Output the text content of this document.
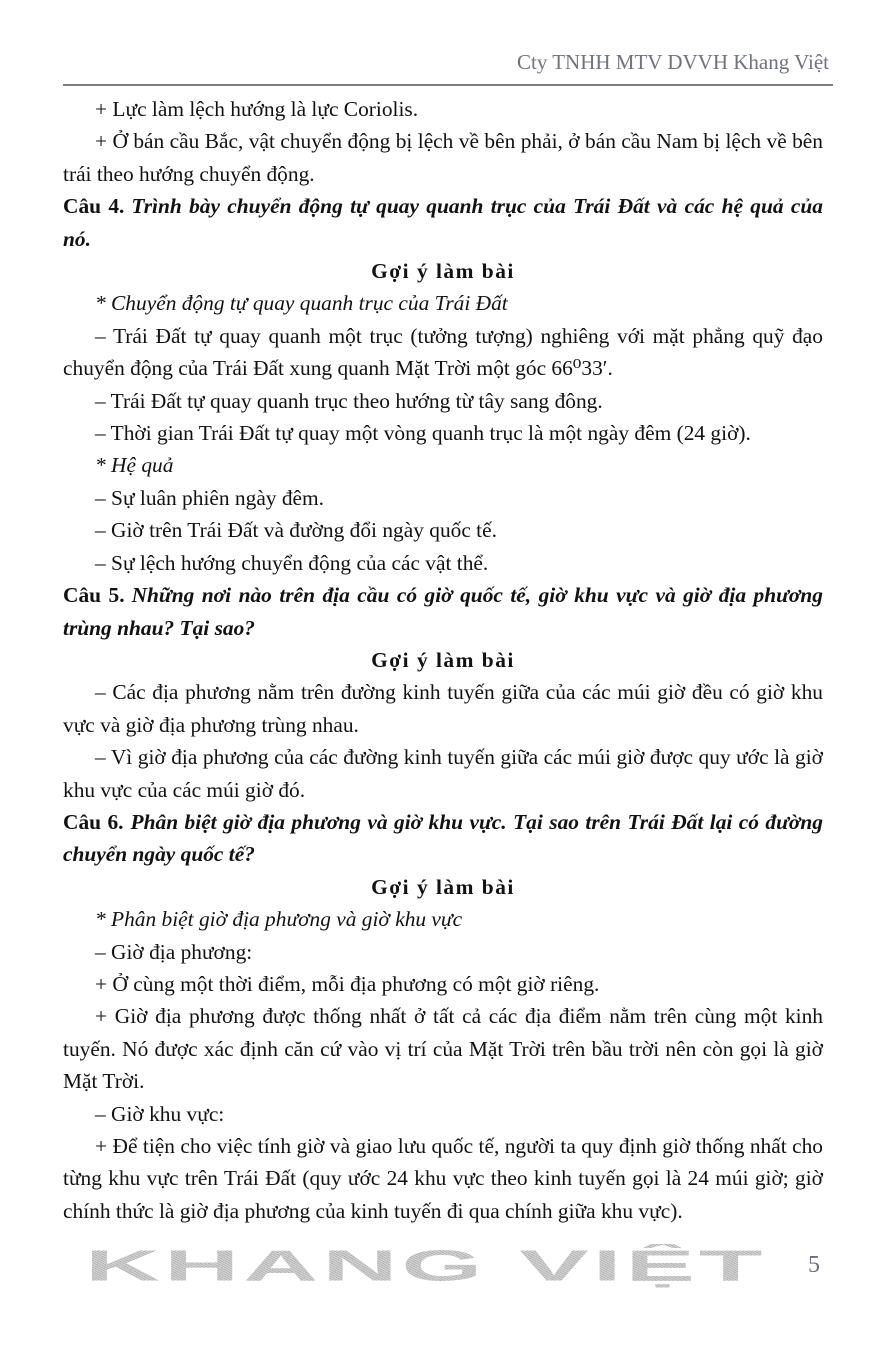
Cty TNHH MTV DVVH Khang Việt

+ Lực làm lệch hướng là lực Coriolis.

+ Ở bán cầu Bắc, vật chuyển động bị lệch về bên phải, ở bán cầu Nam bị lệch về bên trái theo hướng chuyển động.

Câu 4. Trình bày chuyển động tự quay quanh trục của Trái Đất và các hệ quả của nó.

Gợi ý làm bài

* Chuyển động tự quay quanh trục của Trái Đất

– Trái Đất tự quay quanh một trục (tưởng tượng) nghiêng với mặt phẳng quỹ đạo chuyển động của Trái Đất xung quanh Mặt Trời một góc 66⁰33′.

– Trái Đất tự quay quanh trục theo hướng từ tây sang đông.

– Thời gian Trái Đất tự quay một vòng quanh trục là một ngày đêm (24 giờ).

* Hệ quả

– Sự luân phiên ngày đêm.

– Giờ trên Trái Đất và đường đổi ngày quốc tế.

– Sự lệch hướng chuyển động của các vật thể.

Câu 5. Những nơi nào trên địa cầu có giờ quốc tế, giờ khu vực và giờ địa phương trùng nhau? Tại sao?

Gợi ý làm bài

– Các địa phương nằm trên đường kinh tuyến giữa của các múi giờ đều có giờ khu vực và giờ địa phương trùng nhau.

– Vì giờ địa phương của các đường kinh tuyến giữa các múi giờ được quy ước là giờ khu vực của các múi giờ đó.

Câu 6. Phân biệt giờ địa phương và giờ khu vực. Tại sao trên Trái Đất lại có đường chuyển ngày quốc tế?

Gợi ý làm bài

* Phân biệt giờ địa phương và giờ khu vực

– Giờ địa phương:

+ Ở cùng một thời điểm, mỗi địa phương có một giờ riêng.

+ Giờ địa phương được thống nhất ở tất cả các địa điểm nằm trên cùng một kinh tuyến. Nó được xác định căn cứ vào vị trí của Mặt Trời trên bầu trời nên còn gọi là giờ Mặt Trời.

– Giờ khu vực:

+ Để tiện cho việc tính giờ và giao lưu quốc tế, người ta quy định giờ thống nhất cho từng khu vực trên Trái Đất (quy ước 24 khu vực theo kinh tuyến gọi là 24 múi giờ; giờ chính thức là giờ địa phương của kinh tuyến đi qua chính giữa khu vực).

KHANG VIỆT	5
